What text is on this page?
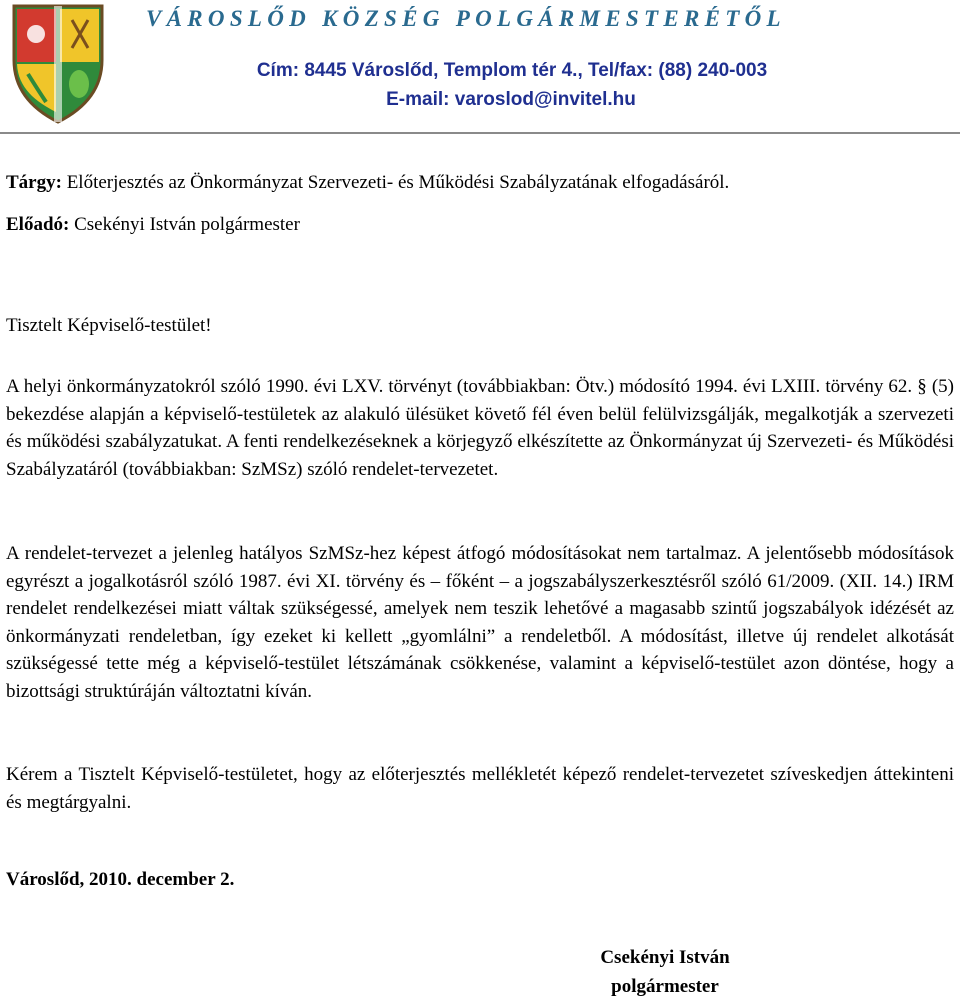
VÁROSLŐD KÖZSÉG POLGÁRMESTERÉTŐL
Cím: 8445 Városlőd, Templom tér 4., Tel/fax: (88) 240-003
E-mail: varoslod@invitel.hu
Tárgy: Előterjesztés az Önkormányzat Szervezeti- és Működési Szabályzatának elfogadásáról.
Előadó: Csekényi István polgármester
Tisztelt Képviselő-testület!

A helyi önkormányzatokról szóló 1990. évi LXV. törvényt (továbbiakban: Ötv.) módosító 1994. évi LXIII. törvény 62. § (5) bekezdése alapján a képviselő-testületek az alakuló ülésüket követő fél éven belül felülvizsgálják, megalkotják a szervezeti és működési szabályzatukat. A fenti rendelkezéseknek a körjegyző elkészítette az Önkormányzat új Szervezeti- és Működési Szabályzatáról (továbbiakban: SzMSz) szóló rendelet-tervezetet.

A rendelet-tervezet a jelenleg hatályos SzMSz-hez képest átfogó módosításokat nem tartalmaz. A jelentősebb módosítások egyrészt a jogalkotásról szóló 1987. évi XI. törvény és – főként – a jogszabályszerkesztésről szóló 61/2009. (XII. 14.) IRM rendelet rendelkezései miatt váltak szükségessé, amelyek nem teszik lehetővé a magasabb szintű jogszabályok idézését az önkormányzati rendeletban, így ezeket ki kellett „gyomlálni” a rendeletből. A módosítást, illetve új rendelet alkotását szükségessé tette még a képviselő-testület létszámának csökkenése, valamint a képviselő-testület azon döntése, hogy a bizottsági struktúráján változtatni kíván.

Kérem a Tisztelt Képviselő-testületet, hogy az előterjesztés mellékletét képező rendelet-tervezetet szíveskedjen áttekinteni és megtárgyalni.

Városlőd, 2010. december 2.
Csekényi István
polgármester
